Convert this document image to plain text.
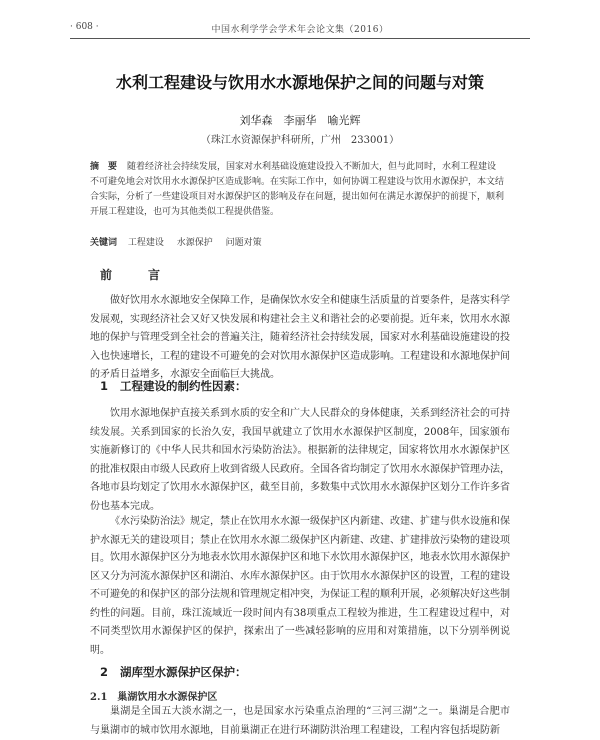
· 608 ·	中国水利学学会学术年会论文集（2016）
水利工程建设与饮用水水源地保护之间的问题与对策
刘华森　李丽华　喻光辉
（珠江水资源保护科研所，广州　233001）
摘　要 随着经济社会持续发展，国家对水利基础设施建设投入不断加大，但与此同时，水利工程建设不可避免地会对饮用水水源保护区造成影响。在实际工作中，如何协调工程建设与饮用水源保护，本文结合实际，分析了一些建设项目对水源保护区的影响及存在问题，提出如何在满足水源保护的前提下，顺利开展工程建设，也可为其他类似工程提供借鉴。
关键词 工程建设 水源保护 问题对策
前　言
做好饮用水水源地安全保障工作，是确保饮水安全和健康生活质量的首要条件，是落实科学发展观，实现经济社会又好又快发展和构建社会主义和谐社会的必要前提。近年来，饮用水水源地的保护与管理受到全社会的普遍关注，随着经济社会持续发展，国家对水利基础设施建设的投入也快速增长，工程的建设不可避免的会对饮用水源保护区造成影响。工程建设和水源地保护间的矛盾日益增多，水源安全面临巨大挑战。
1 工程建设的制约性因素：
饮用水源地保护直接关系到水质的安全和广大人民群众的身体健康，关系到经济社会的可持续发展。关系到国家的长治久安，我国早就建立了饮用水水源保护区制度，2008年，国家颁布实施新修订的《中华人民共和国水污染防治法》。根据新的法律规定，国家将饮用水水源保护区的批准权限由市级人民政府上收到省级人民政府。全国各省均制定了饮用水水源保护管理办法，各地市县均划定了饮用水水源保护区，截至目前，多数集中式饮用水水源保护区划分工作许多省份也基本完成。
《水污染防治法》规定，禁止在饮用水水源一级保护区内新建、改建、扩建与供水设施和保护水源无关的建设项目；禁止在饮用水水源二级保护区内新建、改建、扩建排放污染物的建设项目。 饮用水源保护区分为地表水饮用水源保护区和地下水饮用水源保护区，地表水饮用水源保护区又分为河流水源保护区和湖泊、水库水源保护区。由于饮用水水源保护区的设置，工程的建设不可避免的和保护区的部分法规和管理规定相冲突，为保证工程的顺利开展，必须解决好这些制约性的问题。目前，珠江流域近一段时间内有38项重点工程较为推进，生工程建设过程中，对不同类型饮用水源保护区的保护，探索出了一些减轻影响的应用和对策措施，以下分别举例说明。
2 湖库型水源保护区保护：
2.1 巢湖饮用水水源保护区
巢湖是全国五大淡水湖之一，也是国家水污染重点治理的“三河三湖”之一。巢湖是合肥市与巢湖市的城市饮用水源地，目前巢湖正在进行环湖防洪治理工程建设，工程内容包括堤防新
